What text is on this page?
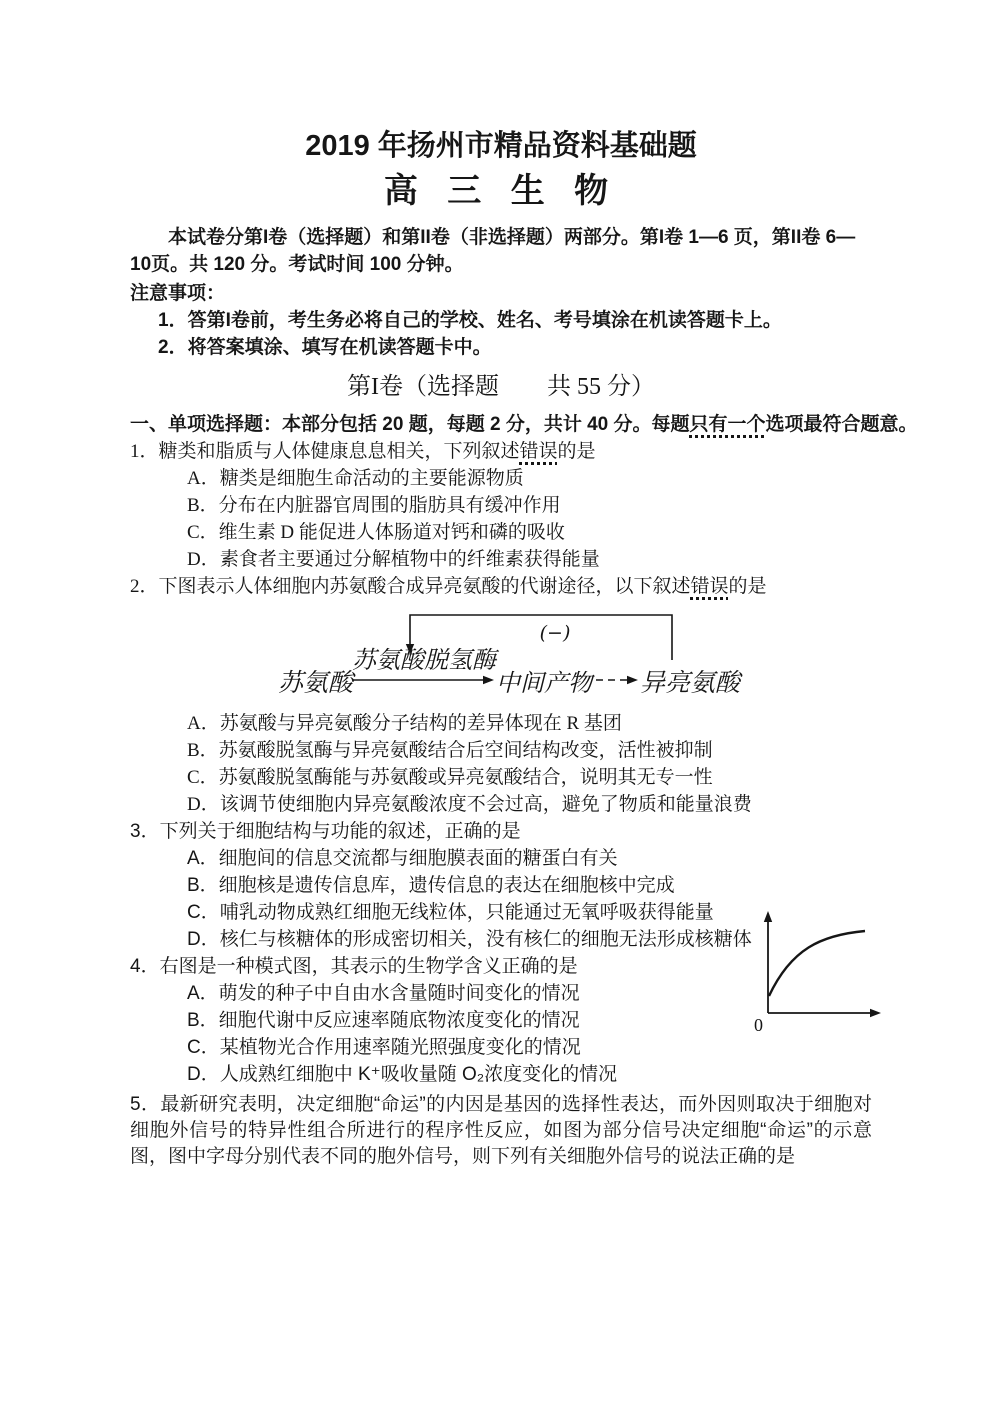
2019 年扬州市精品资料基础题
高 三 生 物

本试卷分第I卷（选择题）和第II卷（非选择题）两部分。第I卷 1—6 页，第II卷 6—10页。共 120 分。考试时间 100 分钟。

注意事项：

1．答第I卷前，考生务必将自己的学校、姓名、考号填涂在机读答题卡上。

2．将答案填涂、填写在机读答题卡中。

第I卷（选择题　　共 55 分）

一、单项选择题：本部分包括 20 题，每题 2 分，共计 40 分。每题只有一个选项最符合题意。

1．糖类和脂质与人体健康息息相关，下列叙述错误的是

A．糖类是细胞生命活动的主要能源物质

B．分布在内脏器官周围的脂肪具有缓冲作用

C．维生素 D 能促进人体肠道对钙和磷的吸收

D．素食者主要通过分解植物中的纤维素获得能量

2．下图表示人体细胞内苏氨酸合成异亮氨酸的代谢途径，以下叙述错误的是

(−)
苏氨酸
苏氨酸脱氢酶
中间产物 异亮氨酸

A．苏氨酸与异亮氨酸分子结构的差异体现在 R 基团

B．苏氨酸脱氢酶与异亮氨酸结合后空间结构改变，活性被抑制

C．苏氨酸脱氢酶能与苏氨酸或异亮氨酸结合，说明其无专一性

D．该调节使细胞内异亮氨酸浓度不会过高，避免了物质和能量浪费

3．下列关于细胞结构与功能的叙述，正确的是

A．细胞间的信息交流都与细胞膜表面的糖蛋白有关

B．细胞核是遗传信息库，遗传信息的表达在细胞核中完成

C．哺乳动物成熟红细胞无线粒体，只能通过无氧呼吸获得能量

D．核仁与核糖体的形成密切相关，没有核仁的细胞无法形成核糖体

4．右图是一种模式图，其表示的生物学含义正确的是

A．萌发的种子中自由水含量随时间变化的情况

B．细胞代谢中反应速率随底物浓度变化的情况

C．某植物光合作用速率随光照强度变化的情况

D．人成熟红细胞中 K⁺吸收量随 O₂浓度变化的情况

5．最新研究表明，决定细胞“命运”的内因是基因的选择性表达，而外因则取决于细胞对细胞外信号的特异性组合所进行的程序性反应，如图为部分信号决定细胞“命运”的示意图，图中字母分别代表不同的胞外信号，则下列有关细胞外信号的说法正确的是

0
